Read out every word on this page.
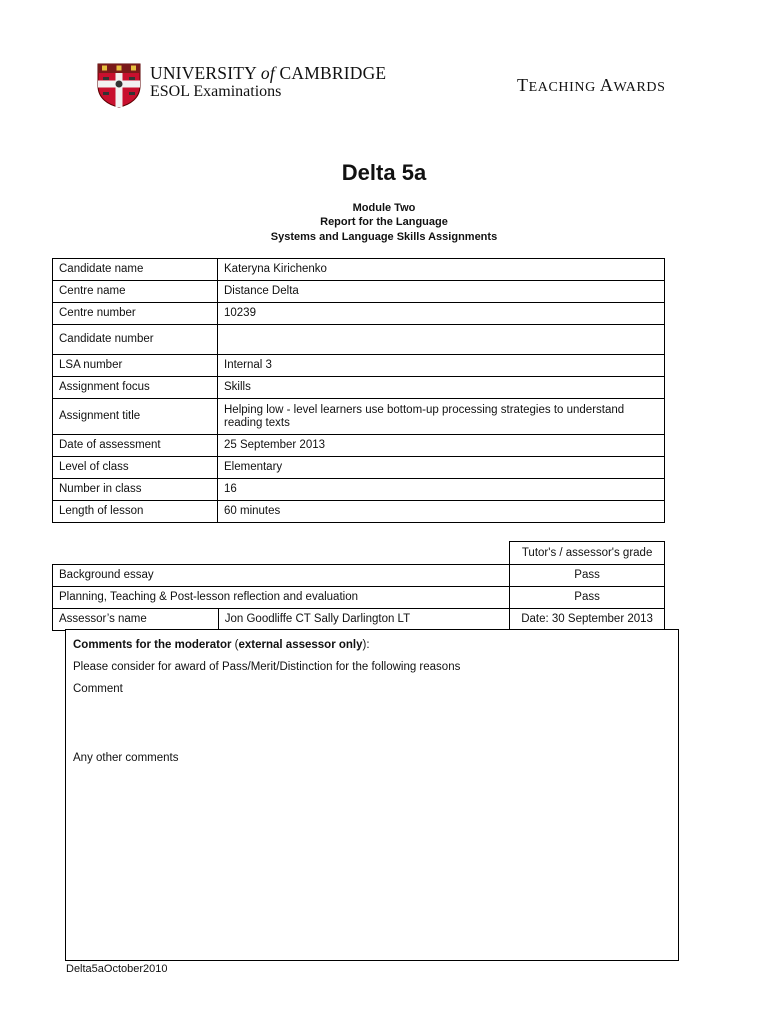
UNIVERSITY of CAMBRIDGE
ESOL Examinations	TEACHING AWARDS
Delta 5a
Module Two
Report for the Language
Systems and Language Skills Assignments
Candidate name	Kateryna Kirichenko
Centre name	Distance Delta
Centre number	10239
Candidate number	
LSA number	Internal 3
Assignment focus	Skills
Assignment title	Helping low - level learners use bottom-up processing strategies to understand reading texts
Date of assessment	25 September 2013
Level of class	Elementary
Number in class	16
Length of lesson	60 minutes
		Tutor's / assessor's grade
Background essay		Pass
Planning, Teaching & Post-lesson reflection and evaluation		Pass
Assessor’s name	Jon Goodliffe CT Sally Darlington LT	Date: 30 September 2013

Comments for the moderator (external assessor only):

Please consider for award of Pass/Merit/Distinction for the following reasons

Comment

Any other comments

Delta5aOctober2010
